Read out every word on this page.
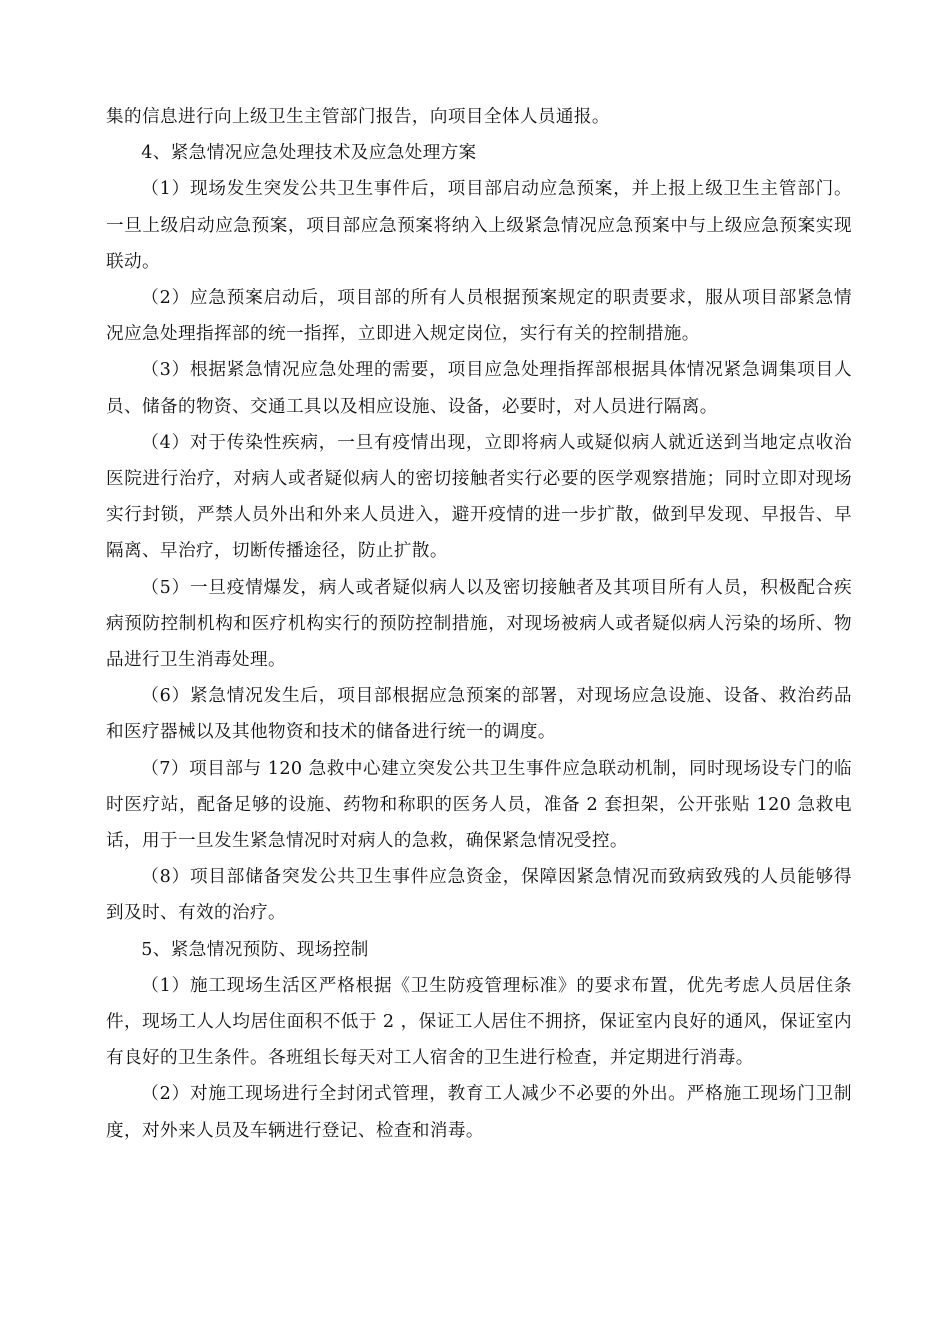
集的信息进行向上级卫生主管部门报告，向项目全体人员通报。

4、紧急情况应急处理技术及应急处理方案

（1）现场发生突发公共卫生事件后，项目部启动应急预案，并上报上级卫生主管部门。一旦上级启动应急预案，项目部应急预案将纳入上级紧急情况应急预案中与上级应急预案实现联动。

（2）应急预案启动后，项目部的所有人员根据预案规定的职责要求，服从项目部紧急情况应急处理指挥部的统一指挥，立即进入规定岗位，实行有关的控制措施。

（3）根据紧急情况应急处理的需要，项目应急处理指挥部根据具体情况紧急调集项目人员、储备的物资、交通工具以及相应设施、设备，必要时，对人员进行隔离。

（4）对于传染性疾病，一旦有疫情出现，立即将病人或疑似病人就近送到当地定点收治医院进行治疗，对病人或者疑似病人的密切接触者实行必要的医学观察措施；同时立即对现场实行封锁，严禁人员外出和外来人员进入，避开疫情的进一步扩散，做到早发现、早报告、早隔离、早治疗，切断传播途径，防止扩散。

（5）一旦疫情爆发，病人或者疑似病人以及密切接触者及其项目所有人员，积极配合疾病预防控制机构和医疗机构实行的预防控制措施，对现场被病人或者疑似病人污染的场所、物品进行卫生消毒处理。

（6）紧急情况发生后，项目部根据应急预案的部署，对现场应急设施、设备、救治药品和医疗器械以及其他物资和技术的储备进行统一的调度。

（7）项目部与 120 急救中心建立突发公共卫生事件应急联动机制，同时现场设专门的临时医疗站，配备足够的设施、药物和称职的医务人员，准备 2 套担架，公开张贴 120 急救电话，用于一旦发生紧急情况时对病人的急救，确保紧急情况受控。

（8）项目部储备突发公共卫生事件应急资金，保障因紧急情况而致病致残的人员能够得到及时、有效的治疗。

5、紧急情况预防、现场控制

（1）施工现场生活区严格根据《卫生防疫管理标准》的要求布置，优先考虑人员居住条件，现场工人人均居住面积不低于 2 ，保证工人居住不拥挤，保证室内良好的通风，保证室内有良好的卫生条件。各班组长每天对工人宿舍的卫生进行检查，并定期进行消毒。

（2）对施工现场进行全封闭式管理，教育工人减少不必要的外出。严格施工现场门卫制度，对外来人员及车辆进行登记、检查和消毒。
